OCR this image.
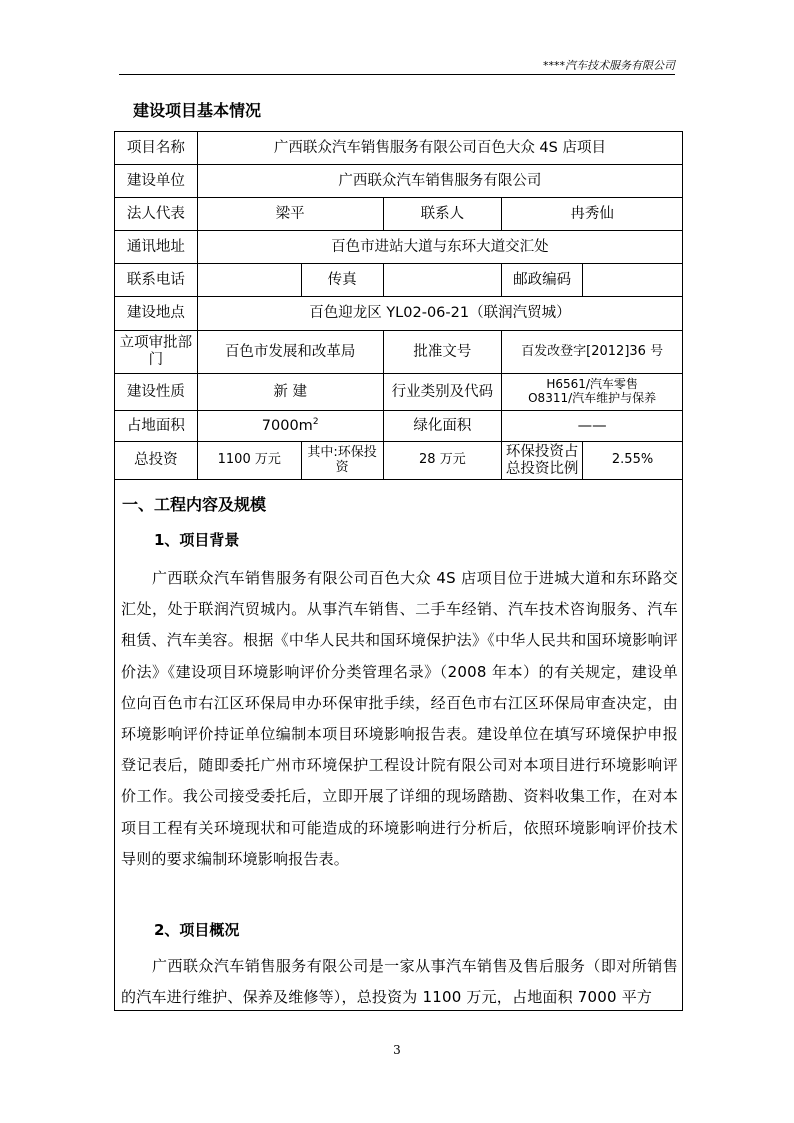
****汽车技术服务有限公司
建设项目基本情况
项目名称	广西联众汽车销售服务有限公司百色大众 4S 店项目				
建设单位	广西联众汽车销售服务有限公司				
法人代表	梁平		联系人	冉秀仙	
通讯地址	百色市进站大道与东环大道交汇处				
联系电话		传真		邮政编码	
建设地点	百色迎龙区 YL02-06-21（联润汽贸城）				
立项审批部门	百色市发展和改革局		批准文号	百发改登字[2012]36 号	
建设性质	新 建		行业类别及代码	H6561/汽车零售
O8311/汽车维护与保养	

占地面积	$7000m^2$		绿化面积	——	
总投资	1100 万元	其中:环保投资	28 万元	环保投资占总投资比例	2.55%
一、工程内容及规模
1、项目背景
广西联众汽车销售服务有限公司百色大众 4S 店项目位于进城大道和东环路交汇处，处于联润汽贸城内。从事汽车销售、二手车经销、汽车技术咨询服务、汽车租赁、汽车美容。根据《中华人民共和国环境保护法》《中华人民共和国环境影响评价法》《建设项目环境影响评价分类管理名录》（2008 年本）的有关规定，建设单位向百色市右江区环保局申办环保审批手续，经百色市右江区环保局审查决定，由环境影响评价持证单位编制本项目环境影响报告表。建设单位在填写环境保护申报登记表后，随即委托广州市环境保护工程设计院有限公司对本项目进行环境影响评价工作。我公司接受委托后，立即开展了详细的现场踏勘、资料收集工作，在对本项目工程有关环境现状和可能造成的环境影响进行分析后，依照环境影响评价技术导则的要求编制环境影响报告表。
2、项目概况
广西联众汽车销售服务有限公司是一家从事汽车销售及售后服务（即对所销售的汽车进行维护、保养及维修等），总投资为 1100 万元，占地面积 7000 平方
3
